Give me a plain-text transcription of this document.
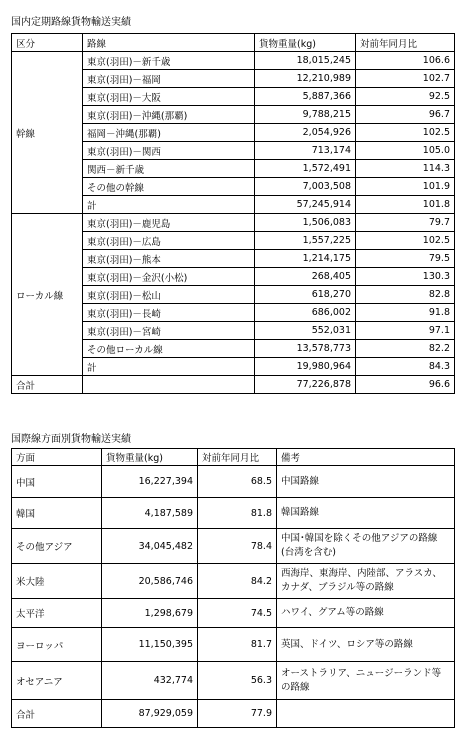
国内定期路線貨物輸送実績
区分	路線	貨物重量(kg)	対前年同月比
幹線	東京(羽田)－新千歳	18,015,245	106.6
	東京(羽田)－福岡	12,210,989	102.7
	東京(羽田)－大阪	5,887,366	92.5
	東京(羽田)－沖縄(那覇)	9,788,215	96.7
	福岡－沖縄(那覇)	2,054,926	102.5
	東京(羽田)－関西	713,174	105.0
	関西－新千歳	1,572,491	114.3
	その他の幹線	7,003,508	101.9
	計	57,245,914	101.8
ローカル線	東京(羽田)－鹿児島	1,506,083	79.7
	東京(羽田)－広島	1,557,225	102.5
	東京(羽田)－熊本	1,214,175	79.5
	東京(羽田)－金沢(小松)	268,405	130.3
	東京(羽田)－松山	618,270	82.8
	東京(羽田)－長崎	686,002	91.8
	東京(羽田)－宮崎	552,031	97.1
	その他ローカル線	13,578,773	82.2
	計	19,980,964	84.3
合計		77,226,878	96.6
国際線方面別貨物輸送実績
方面	貨物重量(kg)	対前年同月比	備考
中国	16,227,394	68.5	中国路線
韓国	4,187,589	81.8	韓国路線
その他アジア	34,045,482	78.4	中国･韓国を除くその他アジアの路線(台湾を含む)
米大陸	20,586,746	84.2	西海岸、東海岸、内陸部、アラスカ、カナダ、ブラジル等の路線
太平洋	1,298,679	74.5	ハワイ、グアム等の路線
ヨーロッパ	11,150,395	81.7	英国、ドイツ、ロシア等の路線
オセアニア	432,774	56.3	オーストラリア、ニュージーランド等の路線
合計	87,929,059	77.9	
